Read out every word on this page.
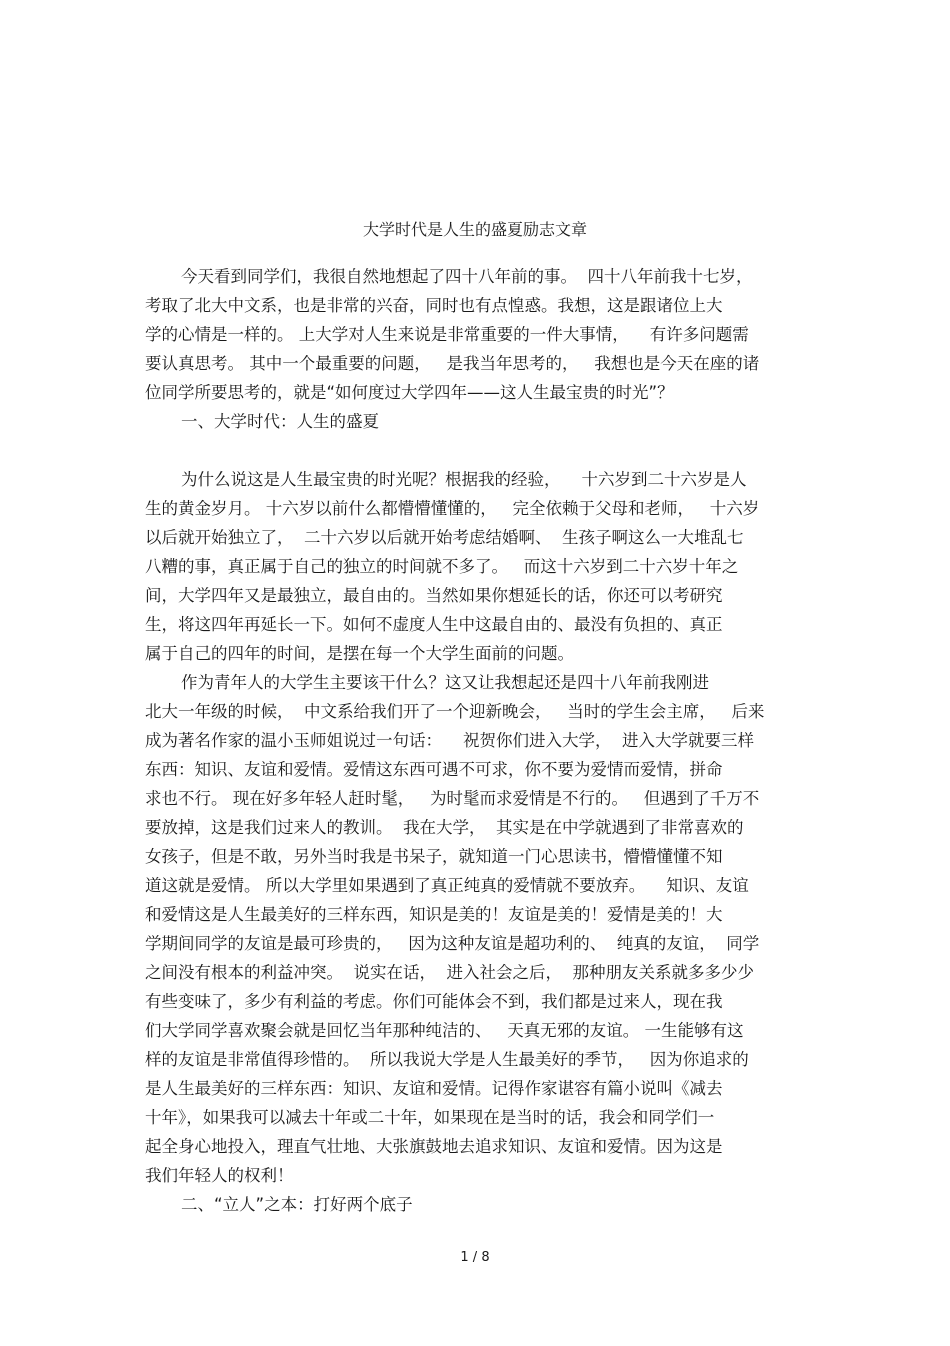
大学时代是人生的盛夏励志文章
今天看到同学们，我很自然地想起了四十八年前的事。  四十八年前我十七岁，
考取了北大中文系，也是非常的兴奋，同时也有点惶惑。我想，这是跟诸位上大
学的心情是一样的。 上大学对人生来说是非常重要的一件大事情，    有许多问题需
要认真思考。 其中一个最重要的问题，   是我当年思考的，   我想也是今天在座的诸
位同学所要思考的，就是“如何度过大学四年——这人生最宝贵的时光”？
一、大学时代：人生的盛夏
为什么说这是人生最宝贵的时光呢？根据我的经验，    十六岁到二十六岁是人
生的黄金岁月。 十六岁以前什么都懵懵懂懂的，   完全依赖于父母和老师，   十六岁
以后就开始独立了，  二十六岁以后就开始考虑结婚啊、  生孩子啊这么一大堆乱七
八糟的事，真正属于自己的独立的时间就不多了。   而这十六岁到二十六岁十年之
间，大学四年又是最独立，最自由的。当然如果你想延长的话，你还可以考研究
生，将这四年再延长一下。如何不虚度人生中这最自由的、最没有负担的、真正
属于自己的四年的时间，是摆在每一个大学生面前的问题。
作为青年人的大学生主要该干什么？这又让我想起还是四十八年前我刚进
北大一年级的时候，  中文系给我们开了一个迎新晚会，   当时的学生会主席，   后来
成为著名作家的温小玉师姐说过一句话：    祝贺你们进入大学，  进入大学就要三样
东西：知识、友谊和爱情。爱情这东西可遇不可求，你不要为爱情而爱情，拼命
求也不行。 现在好多年轻人赶时髦，   为时髦而求爱情是不行的。   但遇到了千万不
要放掉，这是我们过来人的教训。  我在大学，  其实是在中学就遇到了非常喜欢的
女孩子，但是不敢，另外当时我是书呆子，就知道一门心思读书，懵懵懂懂不知
道这就是爱情。 所以大学里如果遇到了真正纯真的爱情就不要放弃。    知识、友谊
和爱情这是人生最美好的三样东西，知识是美的！友谊是美的！爱情是美的！大
学期间同学的友谊是最可珍贵的，   因为这种友谊是超功利的、  纯真的友谊，  同学
之间没有根本的利益冲突。  说实在话，  进入社会之后，  那种朋友关系就多多少少
有些变味了，多少有利益的考虑。你们可能体会不到，我们都是过来人，现在我
们大学同学喜欢聚会就是回忆当年那种纯洁的、   天真无邪的友谊。 一生能够有这
样的友谊是非常值得珍惜的。  所以我说大学是人生最美好的季节，   因为你追求的
是人生最美好的三样东西：知识、友谊和爱情。记得作家谌容有篇小说叫《减去
十年》，如果我可以减去十年或二十年，如果现在是当时的话，我会和同学们一
起全身心地投入，理直气壮地、大张旗鼓地去追求知识、友谊和爱情。因为这是
我们年轻人的权利！
二、“立人”之本：打好两个底子
1 / 8
